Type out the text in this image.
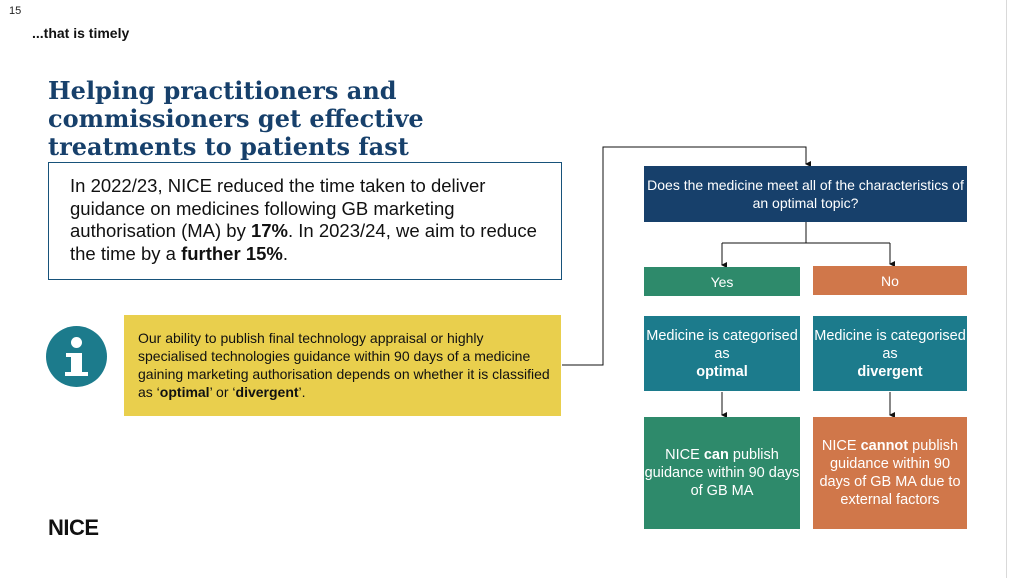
15
...that is timely
Helping practitioners and commissioners get effective treatments to patients fast
In 2022/23, NICE reduced the time taken to deliver guidance on medicines following GB marketing authorisation (MA) by 17%. In 2023/24, we aim to reduce the time by a further 15%.
Our ability to publish final technology appraisal or highly specialised technologies guidance within 90 days of a medicine gaining marketing authorisation depends on whether it is classified as ‘optimal’ or ‘divergent’.
Does the medicine meet all of the characteristics of an optimal topic?
Yes	No
Medicine is categorised as
optimal
Medicine is categorised as
divergent
NICE can publish guidance within 90 days of GB MA
NICE cannot publish guidance within 90 days of GB MA due to external factors
NICE
